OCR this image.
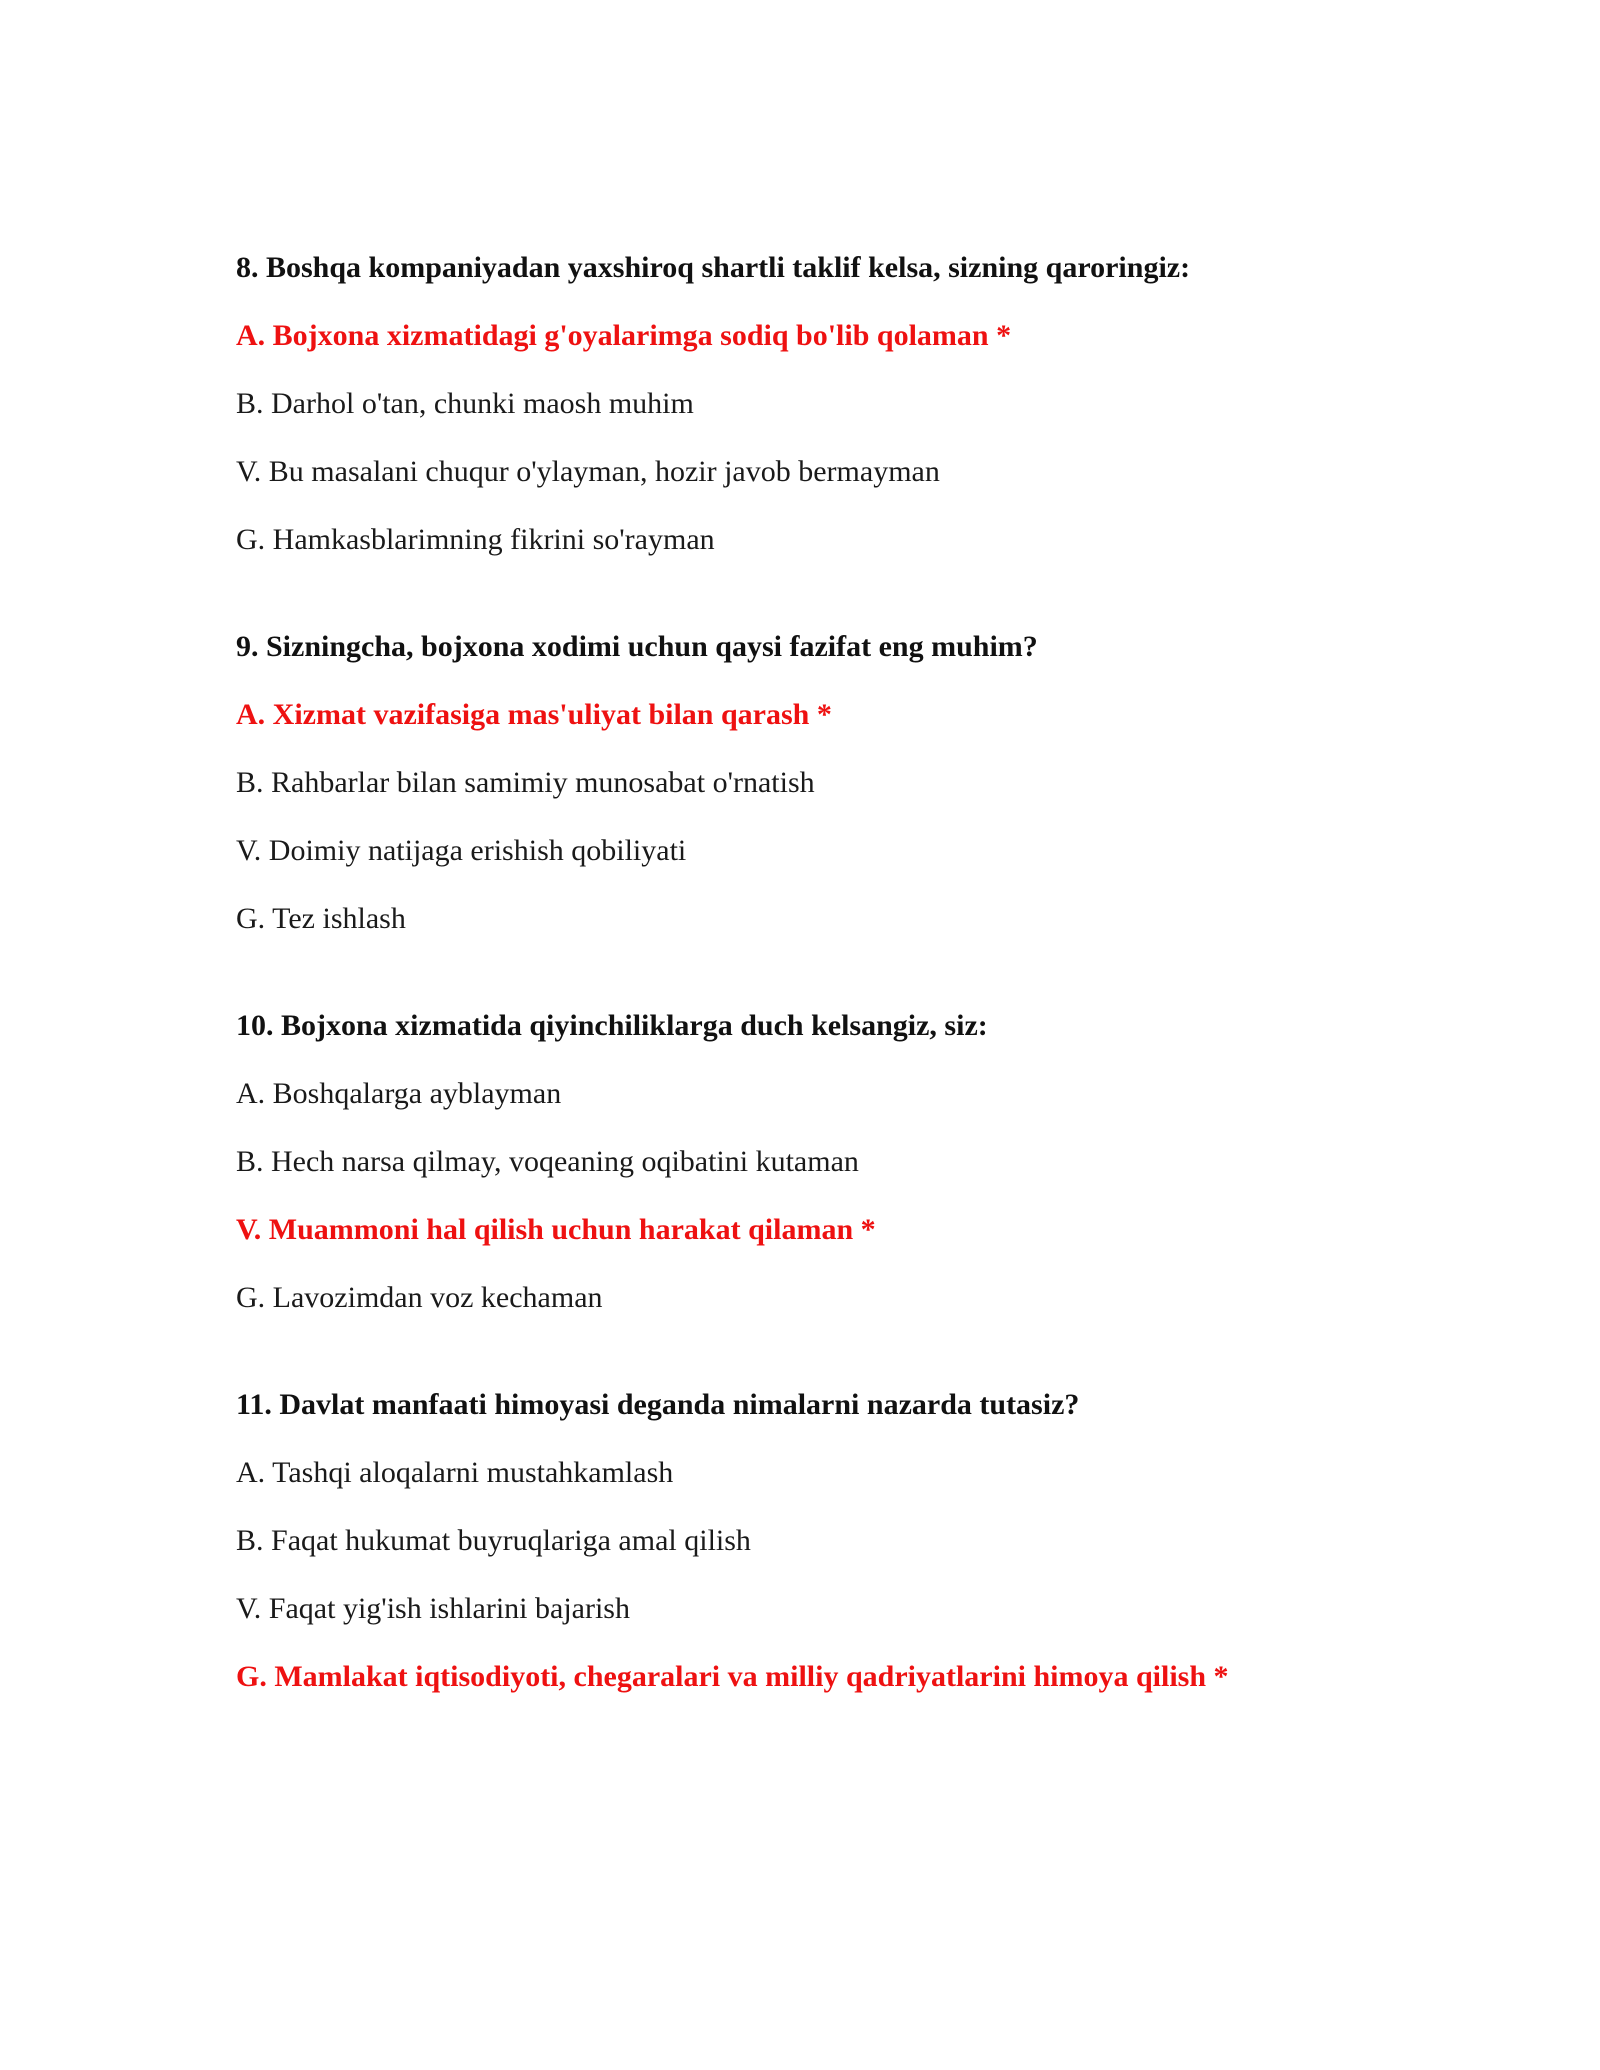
8. Boshqa kompaniyadan yaxshiroq shartli taklif kelsa, sizning qaroringiz:
A. Bojxona xizmatidagi g'oyalarimga sodiq bo'lib qolaman *
B. Darhol o'tan, chunki maosh muhim
V. Bu masalani chuqur o'ylayman, hozir javob bermayman
G. Hamkasblarimning fikrini so'rayman
9. Sizningcha, bojxona xodimi uchun qaysi fazifat eng muhim?
A. Xizmat vazifasiga mas'uliyat bilan qarash *
B. Rahbarlar bilan samimiy munosabat o'rnatish
V. Doimiy natijaga erishish qobiliyati
G. Tez ishlash
10. Bojxona xizmatida qiyinchiliklarga duch kelsangiz, siz:
A. Boshqalarga ayblayman
B. Hech narsa qilmay, voqeaning oqibatini kutaman
V. Muammoni hal qilish uchun harakat qilaman *
G. Lavozimdan voz kechaman
11. Davlat manfaati himoyasi deganda nimalarni nazarda tutasiz?
A. Tashqi aloqalarni mustahkamlash
B. Faqat hukumat buyruqlariga amal qilish
V. Faqat yig'ish ishlarini bajarish
G. Mamlakat iqtisodiyoti, chegaralari va milliy qadriyatlarini himoya qilish *
